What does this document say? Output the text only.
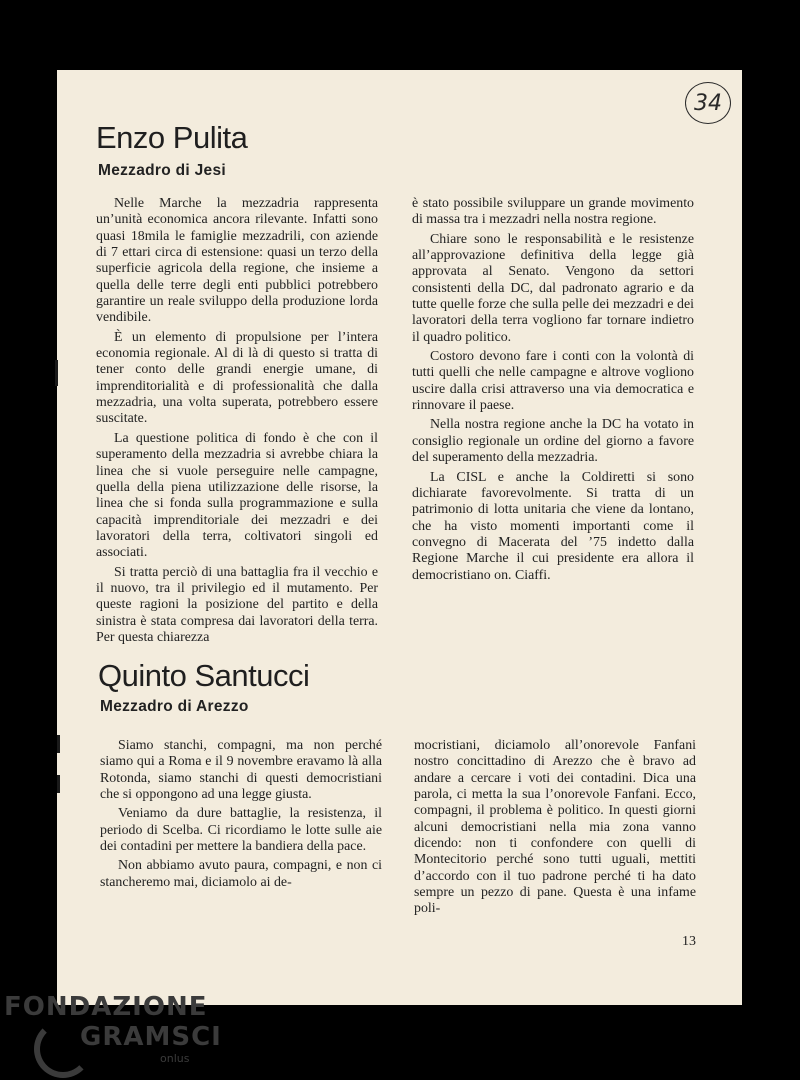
34
Enzo Pulita
Mezzadro di Jesi

Nelle Marche la mezzadria rappresenta un’unità economica ancora rilevante. Infatti sono quasi 18mila le famiglie mezzadrili, con aziende di 7 ettari circa di estensione: quasi un terzo della superficie agricola della regione, che insieme a quella delle terre degli enti pubblici potrebbero garantire un reale sviluppo della produzione lorda vendibile.

È un elemento di propulsione per l’intera economia regionale. Al di là di questo si tratta di tener conto delle grandi energie umane, di imprenditorialità e di professionalità che dalla mezzadria, una volta superata, potrebbero essere suscitate.

La questione politica di fondo è che con il superamento della mezzadria si avrebbe chiara la linea che si vuole perseguire nelle campagne, quella della piena utilizzazione delle risorse, la linea che si fonda sulla programmazione e sulla capacità imprenditoriale dei mezzadri e dei lavoratori della terra, coltivatori singoli ed associati.

Si tratta perciò di una battaglia fra il vecchio e il nuovo, tra il privilegio ed il mutamento. Per queste ragioni la posizione del partito e della sinistra è stata compresa dai lavoratori della terra. Per questa chiarezza

è stato possibile sviluppare un grande movimento di massa tra i mezzadri nella nostra regione.

Chiare sono le responsabilità e le resistenze all’approvazione definitiva della legge già approvata al Senato. Vengono da settori consistenti della DC, dal padronato agrario e da tutte quelle forze che sulla pelle dei mezzadri e dei lavoratori della terra vogliono far tornare indietro il quadro politico.

Costoro devono fare i conti con la volontà di tutti quelli che nelle campagne e altrove vogliono uscire dalla crisi attraverso una via democratica e rinnovare il paese.

Nella nostra regione anche la DC ha votato in consiglio regionale un ordine del giorno a favore del superamento della mezzadria.

La CISL e anche la Coldiretti si sono dichiarate favorevolmente. Si tratta di un patrimonio di lotta unitaria che viene da lontano, che ha visto momenti importanti come il convegno di Macerata del ’75 indetto dalla Regione Marche il cui presidente era allora il democristiano on. Ciaffi.

Quinto Santucci
Mezzadro di Arezzo

Siamo stanchi, compagni, ma non perché siamo qui a Roma e il 9 novembre eravamo là alla Rotonda, siamo stanchi di questi democristiani che si oppongono ad una legge giusta.

Veniamo da dure battaglie, la resistenza, il periodo di Scelba. Ci ricordiamo le lotte sulle aie dei contadini per mettere la bandiera della pace.

Non abbiamo avuto paura, compagni, e non ci stancheremo mai, diciamolo ai de-

mocristiani, diciamolo all’onorevole Fanfani nostro concittadino di Arezzo che è bravo ad andare a cercare i voti dei contadini. Dica una parola, ci metta la sua l’onorevole Fanfani. Ecco, compagni, il problema è politico. In questi giorni alcuni democristiani nella mia zona vanno dicendo: non ti confondere con quelli di Montecitorio perché sono tutti uguali, mettiti d’accordo con il tuo padrone perché ti ha dato sempre un pezzo di pane. Questa è una infame poli-

13
FONDAZIONE
GRAMSCI
onlus
